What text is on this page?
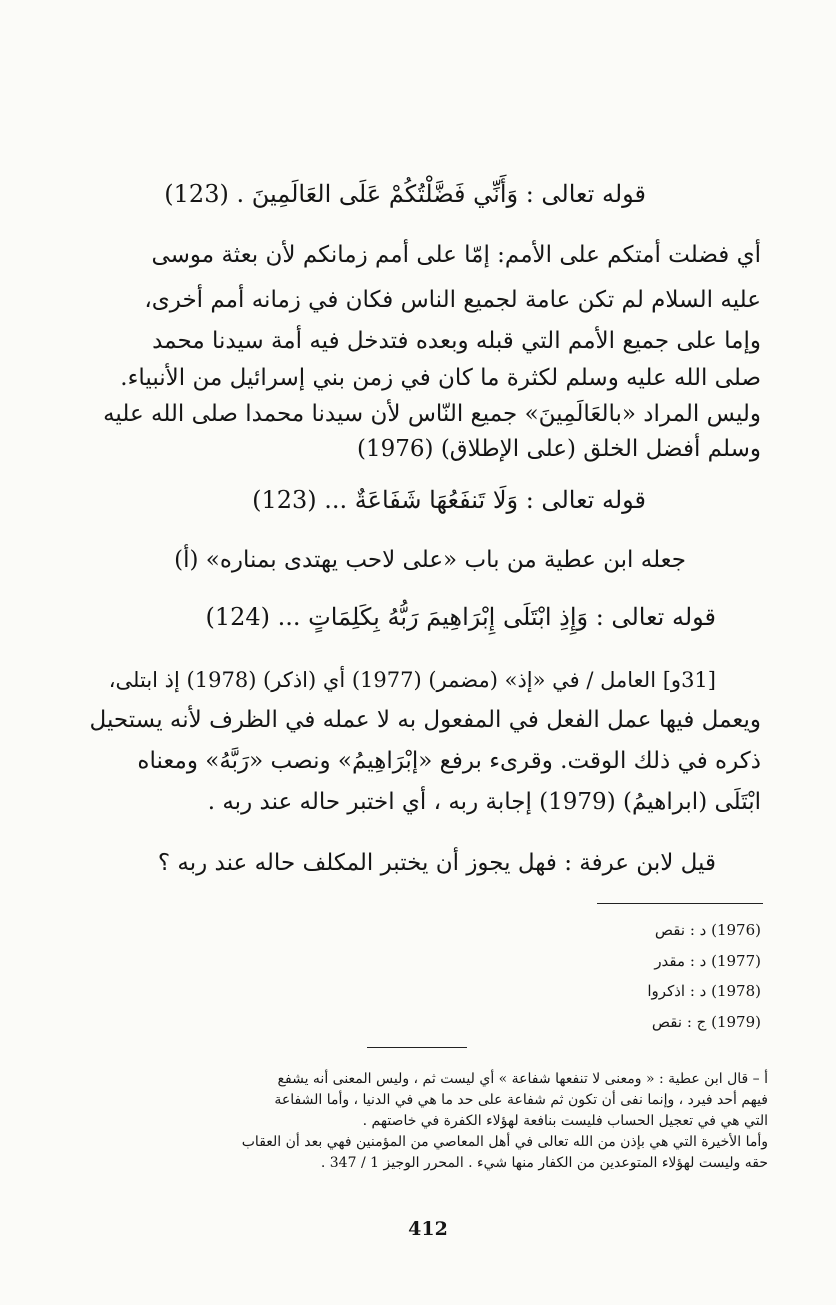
قوله تعالى : وَأَنِّي فَضَّلْتُكُمْ عَلَى العَالَمِينَ . (123)
أي فضلت أمتكم على الأمم: إمّا على أمم زمانكم لأن بعثة موسى
عليه السلام لم تكن عامة لجميع الناس فكان في زمانه أمم أخرى،
وإما على جميع الأمم التي قبله وبعده فتدخل فيه أمة سيدنا محمد
صلى الله عليه وسلم لكثرة ما كان في زمن بني إسرائيل من الأنبياء.
وليس المراد «بالعَالَمِينَ» جميع النّاس لأن سيدنا محمدا صلى الله عليه
وسلم أفضل الخلق (على الإطلاق) (1976)
قوله تعالى : وَلَا تَنفَعُهَا شَفَاعَةٌ ... (123)
جعله ابن عطية من باب «على لاحب يهتدى بمناره» (أ)
قوله تعالى : وَإِذِ ابْتَلَى إِبْرَاهِيمَ رَبُّهُ بِكَلِمَاتٍ ... (124)
[31و] العامل / في «إذ» (مضمر) (1977) أي (اذكر) (1978) إذ ابتلى،
ويعمل فيها عمل الفعل في المفعول به لا عمله في الظرف لأنه يستحيل
ذكره في ذلك الوقت. وقرىء برفع «إبْرَاهِيمُ» ونصب «رَبَّهُ» ومعناه
ابْتَلَى (ابراهيمُ) (1979) إجابة ربه ، أي اختبر حاله عند ربه .
قيل لابن عرفة : فهل يجوز أن يختبر المكلف حاله عند ربه ؟
(1976) د : نقص
(1977) د : مقدر
(1978) د : اذكروا
(1979) ج : نقص
أ – قال ابن عطية : « ومعنى لا تنفعها شفاعة » أي ليست ثم ، وليس المعنى أنه يشفع
فيهم أحد فيرد ، وإنما نفى أن تكون ثم شفاعة على حد ما هي في الدنيا ، وأما الشفاعة
التي هي في تعجيل الحساب فليست بنافعة لهؤلاء الكفرة في خاصتهم .
وأما الأخيرة التي هي بإذن من الله تعالى في أهل المعاصي من المؤمنين فهي بعد أن العقاب
حقه وليست لهؤلاء المتوعدين من الكفار منها شيء . المحرر الوجيز 1 / 347 .
412
